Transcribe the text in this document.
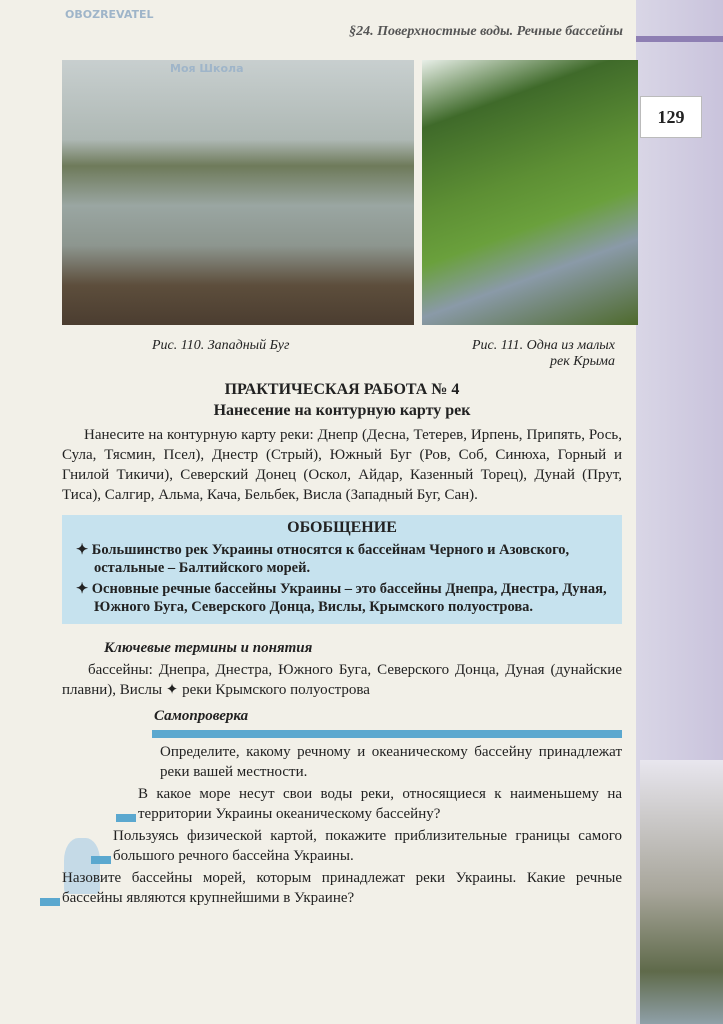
§24. Поверхностные воды. Речные бассейны
129
Рис. 110. Западный Буг	Рис. 111. Одна из малых
рек Крыма
ПРАКТИЧЕСКАЯ РАБОТА № 4
Нанесение на контурную карту рек

Нанесите на контурную карту реки: Днепр (Десна, Тетерев, Ирпень, Припять, Рось, Сула, Тясмин, Псел), Днестр (Стрый), Южный Буг (Ров, Соб, Синюха, Горный и Гнилой Тикичи), Северский Донец (Оскол, Айдар, Казенный Торец), Дунай (Прут, Тиса), Салгир, Альма, Кача, Бельбек, Висла (Западный Буг, Сан).

ОБОБЩЕНИЕ
✦ Большинство рек Украины относятся к бассейнам Черного и Азовского, остальные – Балтийского морей.
✦ Основные речные бассейны Украины – это бассейны Днепра, Днестра, Дуная, Южного Буга, Северского Донца, Вислы, Крымского полуострова.
Ключевые термины и понятия

бассейны: Днепра, Днестра, Южного Буга, Северского Донца, Дуная (дунайские плавни), Вислы ✦ реки Крымского полуострова

Самопроверка
Определите, какому речному и океаническому бассейну принадлежат реки вашей местности.
В какое море несут свои воды реки, относящиеся к наименьшему на территории Украины океаническому бассейну?
Пользуясь физической картой, покажите приблизительные границы самого большого речного бассейна Украины.
Назовите бассейны морей, которым принадлежат реки Украины. Какие речные бассейны являются крупнейшими в Украине?
Моя Школа
OBOZREVATEL
